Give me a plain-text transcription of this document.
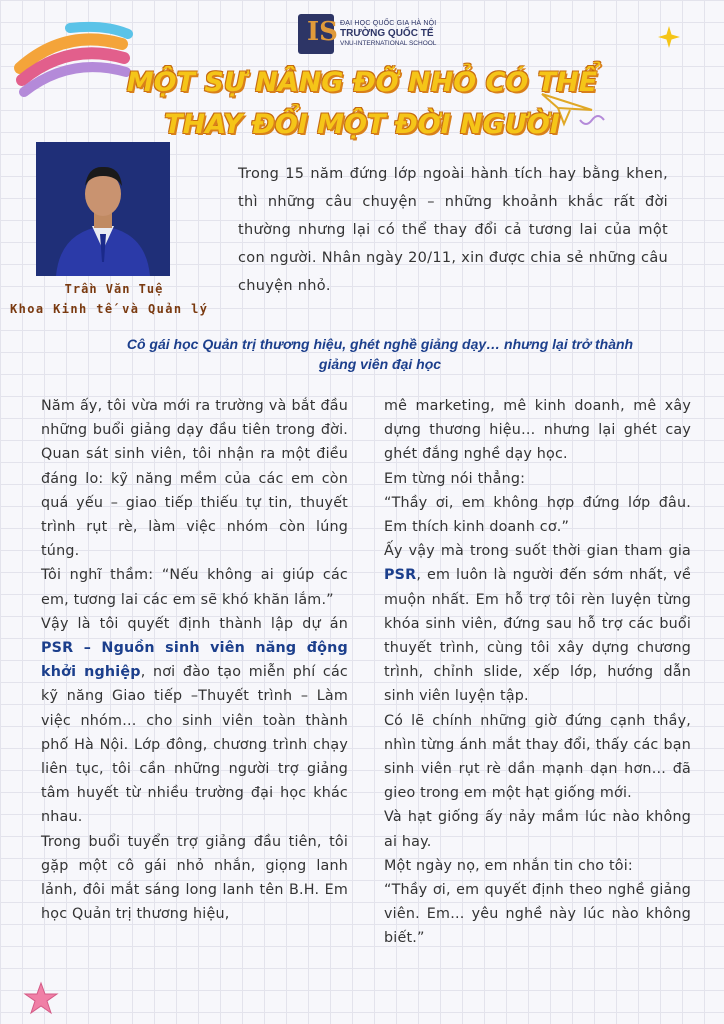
IS ĐẠI HỌC QUỐC GIA HÀ NỘI
TRƯỜNG QUỐC TẾ
VNU-INTERNATIONAL SCHOOL
MỘT SỰ NÂNG ĐỠ NHỎ CÓ THỂ
THAY ĐỔI MỘT ĐỜI NGƯỜI
Trần Văn Tuệ
Khoa Kinh tế và Quản lý
Trong 15 năm đứng lớp ngoài hành tích hay bằng khen, thì những câu chuyện – những khoảnh khắc rất đời thường nhưng lại có thể thay đổi cả tương lai của một con người. Nhân ngày 20/11, xin được chia sẻ những câu chuyện nhỏ.
Cô gái học Quản trị thương hiệu, ghét nghề giảng dạy… nhưng lại trở thành
giảng viên đại học

Năm ấy, tôi vừa mới ra trường và bắt đầu những buổi giảng dạy đầu tiên trong đời. Quan sát sinh viên, tôi nhận ra một điều đáng lo: kỹ năng mềm của các em còn quá yếu – giao tiếp thiếu tự tin, thuyết trình rụt rè, làm việc nhóm còn lúng túng.

Tôi nghĩ thầm: “Nếu không ai giúp các em, tương lai các em sẽ khó khăn lắm.”

Vậy là tôi quyết định thành lập dự án PSR – Nguồn sinh viên năng động khởi nghiệp, nơi đào tạo miễn phí các kỹ năng Giao tiếp –Thuyết trình – Làm việc nhóm… cho sinh viên toàn thành phố Hà Nội. Lớp đông, chương trình chạy liên tục, tôi cần những người trợ giảng tâm huyết từ nhiều trường đại học khác nhau.

Trong buổi tuyển trợ giảng đầu tiên, tôi gặp một cô gái nhỏ nhắn, giọng lanh lảnh, đôi mắt sáng long lanh tên B.H. Em học Quản trị thương hiệu,

mê marketing, mê kinh doanh, mê xây dựng thương hiệu… nhưng lại ghét cay ghét đắng nghề dạy học.

Em từng nói thẳng:

“Thầy ơi, em không hợp đứng lớp đâu. Em thích kinh doanh cơ.”

Ấy vậy mà trong suốt thời gian tham gia PSR, em luôn là người đến sớm nhất, về muộn nhất. Em hỗ trợ tôi rèn luyện từng khóa sinh viên, đứng sau hỗ trợ các buổi thuyết trình, cùng tôi xây dựng chương trình, chỉnh slide, xếp lớp, hướng dẫn sinh viên luyện tập.

Có lẽ chính những giờ đứng cạnh thầy, nhìn từng ánh mắt thay đổi, thấy các bạn sinh viên rụt rè dần mạnh dạn hơn… đã gieo trong em một hạt giống mới.

Và hạt giống ấy nảy mầm lúc nào không ai hay.

Một ngày nọ, em nhắn tin cho tôi:

“Thầy ơi, em quyết định theo nghề giảng viên. Em… yêu nghề này lúc nào không biết.”
